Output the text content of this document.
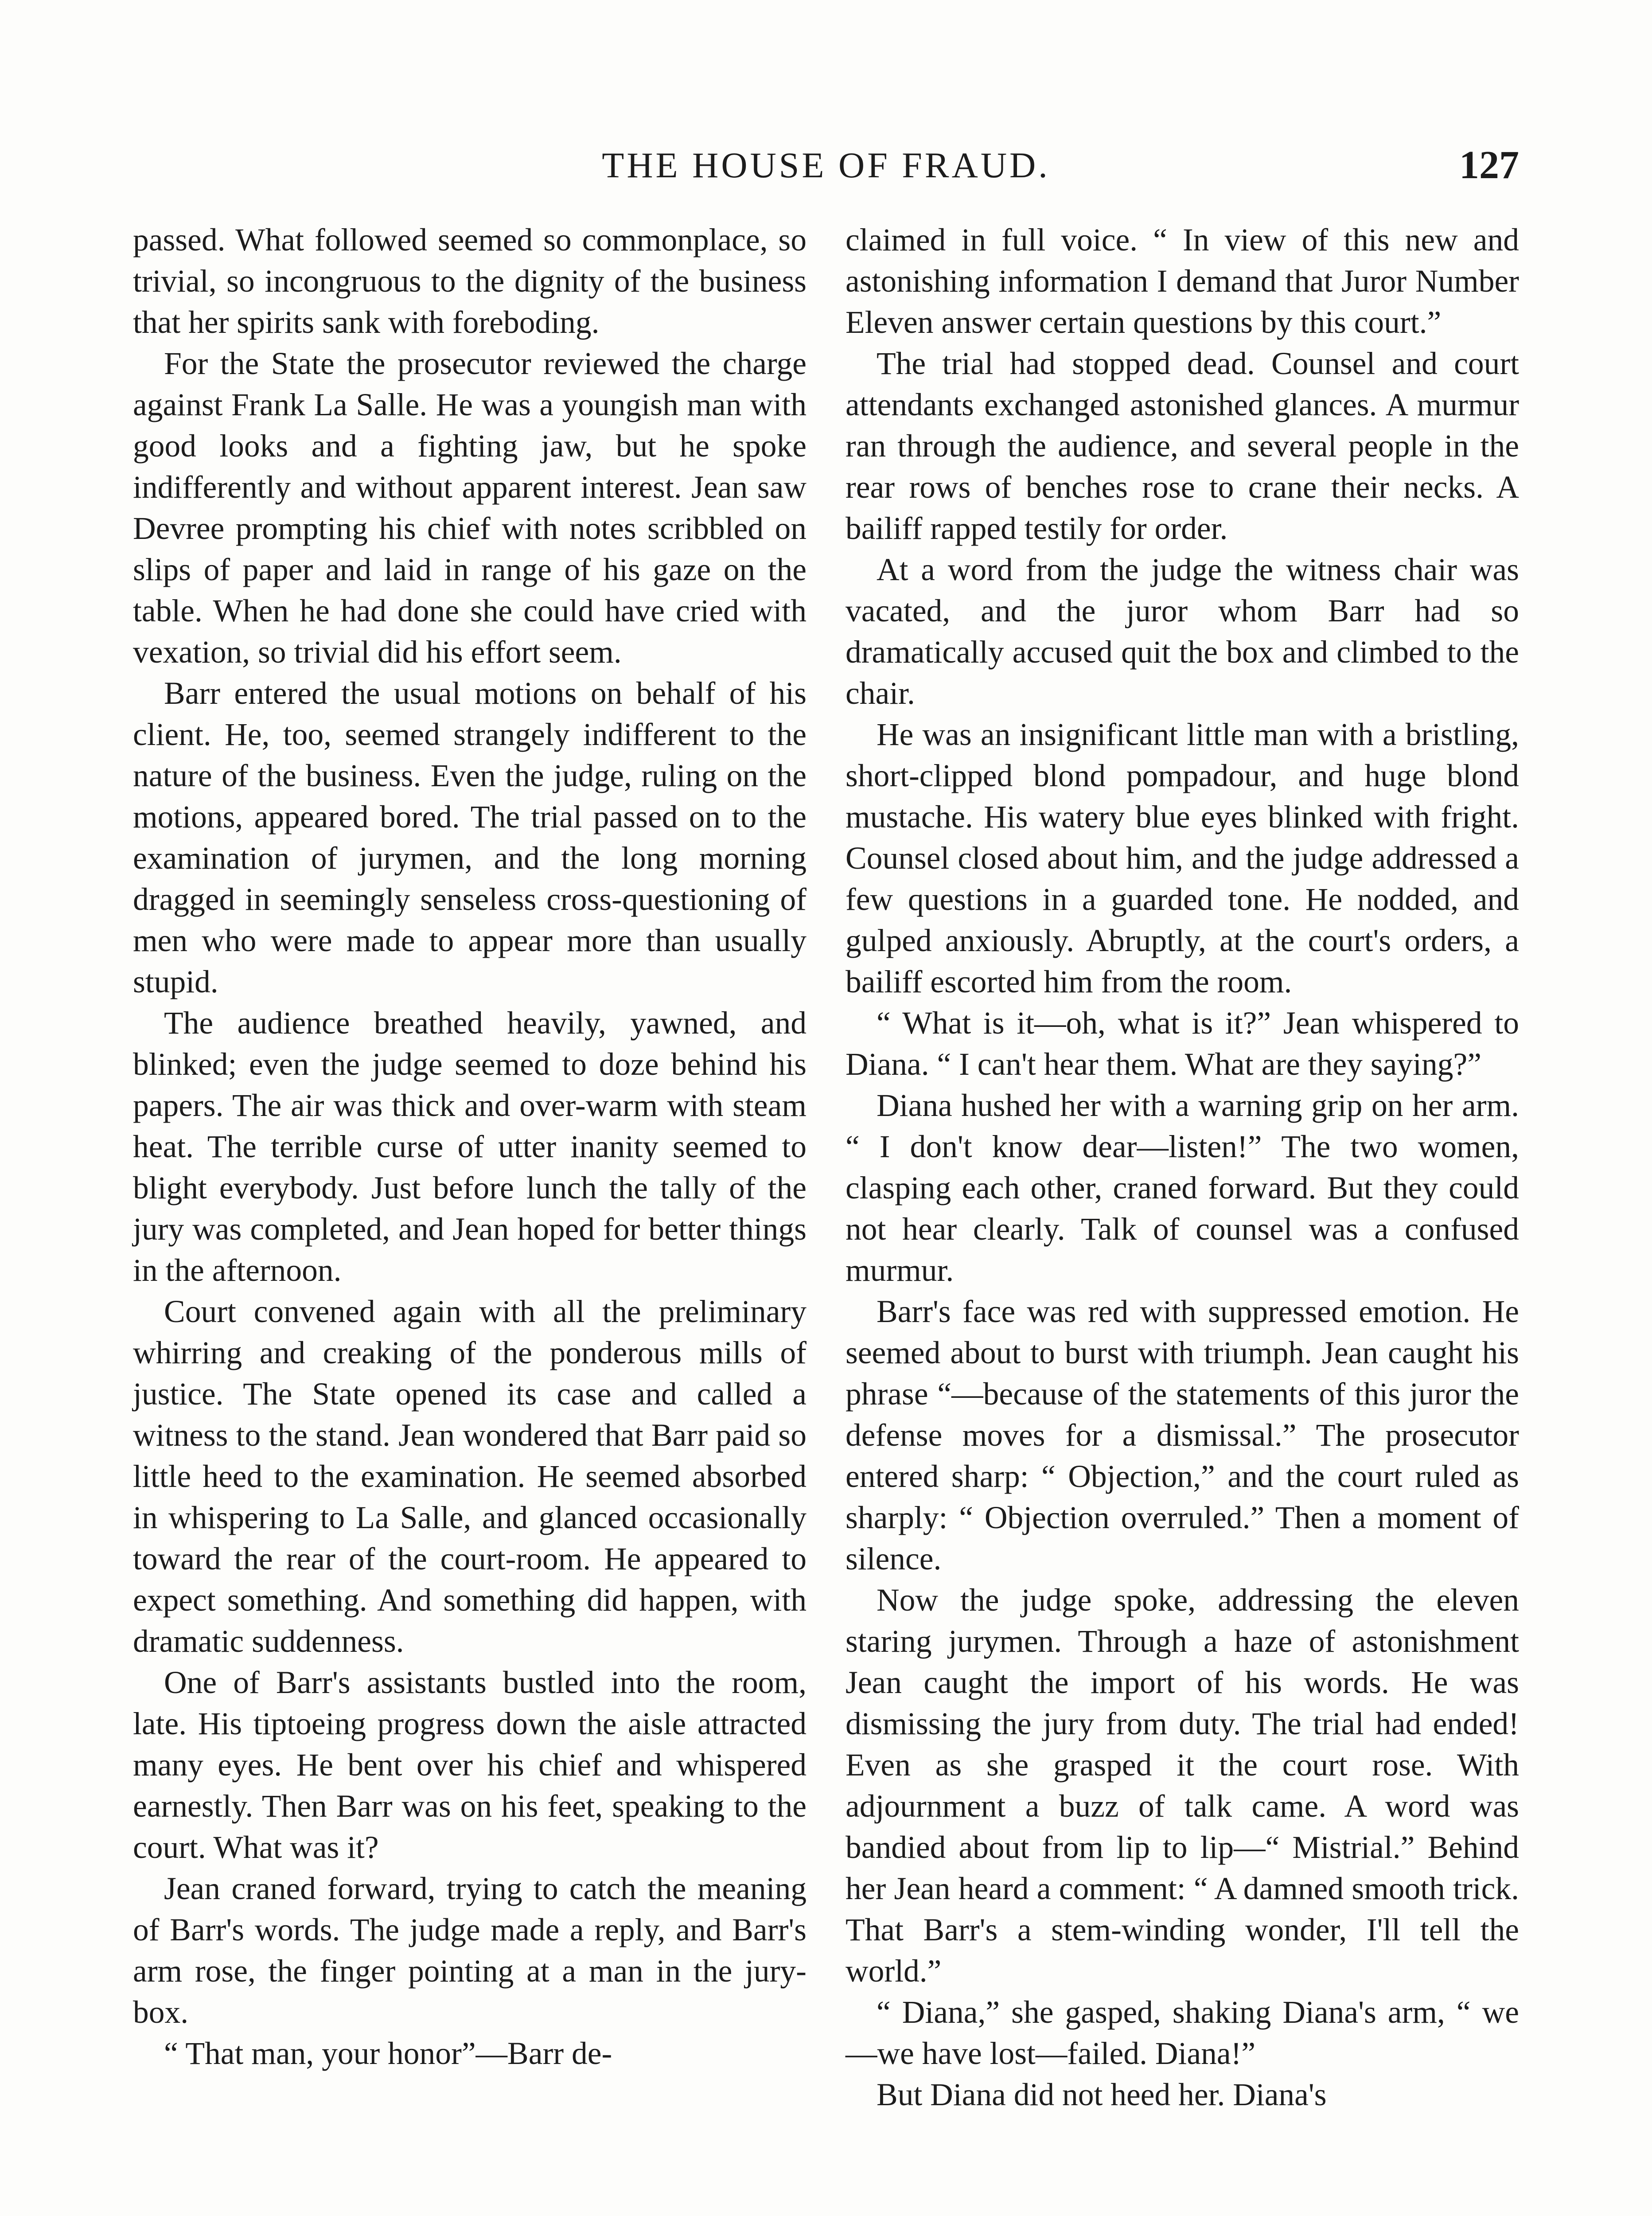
THE HOUSE OF FRAUD.	127

passed. What followed seemed so commonplace, so trivial, so incongruous to the dignity of the business that her spirits sank with foreboding.

For the State the prosecutor reviewed the charge against Frank La Salle. He was a youngish man with good looks and a fighting jaw, but he spoke indifferently and without apparent interest. Jean saw Devree prompting his chief with notes scribbled on slips of paper and laid in range of his gaze on the table. When he had done she could have cried with vexation, so trivial did his effort seem.

Barr entered the usual motions on behalf of his client. He, too, seemed strangely indifferent to the nature of the business. Even the judge, ruling on the motions, appeared bored. The trial passed on to the examination of jurymen, and the long morning dragged in seemingly senseless cross-questioning of men who were made to appear more than usually stupid.

The audience breathed heavily, yawned, and blinked; even the judge seemed to doze behind his papers. The air was thick and over-warm with steam heat. The terrible curse of utter inanity seemed to blight everybody. Just before lunch the tally of the jury was completed, and Jean hoped for better things in the afternoon.

Court convened again with all the preliminary whirring and creaking of the ponderous mills of justice. The State opened its case and called a witness to the stand. Jean wondered that Barr paid so little heed to the examination. He seemed absorbed in whispering to La Salle, and glanced occasionally toward the rear of the court-room. He appeared to expect something. And something did happen, with dramatic suddenness.

One of Barr's assistants bustled into the room, late. His tiptoeing progress down the aisle attracted many eyes. He bent over his chief and whispered earnestly. Then Barr was on his feet, speaking to the court. What was it?

Jean craned forward, trying to catch the meaning of Barr's words. The judge made a reply, and Barr's arm rose, the finger pointing at a man in the jury-box.

“ That man, your honor”—Barr de-

claimed in full voice. “ In view of this new and astonishing information I demand that Juror Number Eleven answer certain questions by this court.”

The trial had stopped dead. Counsel and court attendants exchanged astonished glances. A murmur ran through the audience, and several people in the rear rows of benches rose to crane their necks. A bailiff rapped testily for order.

At a word from the judge the witness chair was vacated, and the juror whom Barr had so dramatically accused quit the box and climbed to the chair.

He was an insignificant little man with a bristling, short-clipped blond pompadour, and huge blond mustache. His watery blue eyes blinked with fright. Counsel closed about him, and the judge addressed a few questions in a guarded tone. He nodded, and gulped anxiously. Abruptly, at the court's orders, a bailiff escorted him from the room.

“ What is it—oh, what is it?” Jean whispered to Diana. “ I can't hear them. What are they saying?”

Diana hushed her with a warning grip on her arm. “ I don't know dear—listen!” The two women, clasping each other, craned forward. But they could not hear clearly. Talk of counsel was a confused murmur.

Barr's face was red with suppressed emotion. He seemed about to burst with triumph. Jean caught his phrase “—because of the statements of this juror the defense moves for a dismissal.” The prosecutor entered sharp: “ Objection,” and the court ruled as sharply: “ Objection overruled.” Then a moment of silence.

Now the judge spoke, addressing the eleven staring jurymen. Through a haze of astonishment Jean caught the import of his words. He was dismissing the jury from duty. The trial had ended! Even as she grasped it the court rose. With adjournment a buzz of talk came. A word was bandied about from lip to lip—“ Mistrial.” Behind her Jean heard a comment: “ A damned smooth trick. That Barr's a stem-winding wonder, I'll tell the world.”

“ Diana,” she gasped, shaking Diana's arm, “ we—we have lost—failed. Diana!”

But Diana did not heed her. Diana's
